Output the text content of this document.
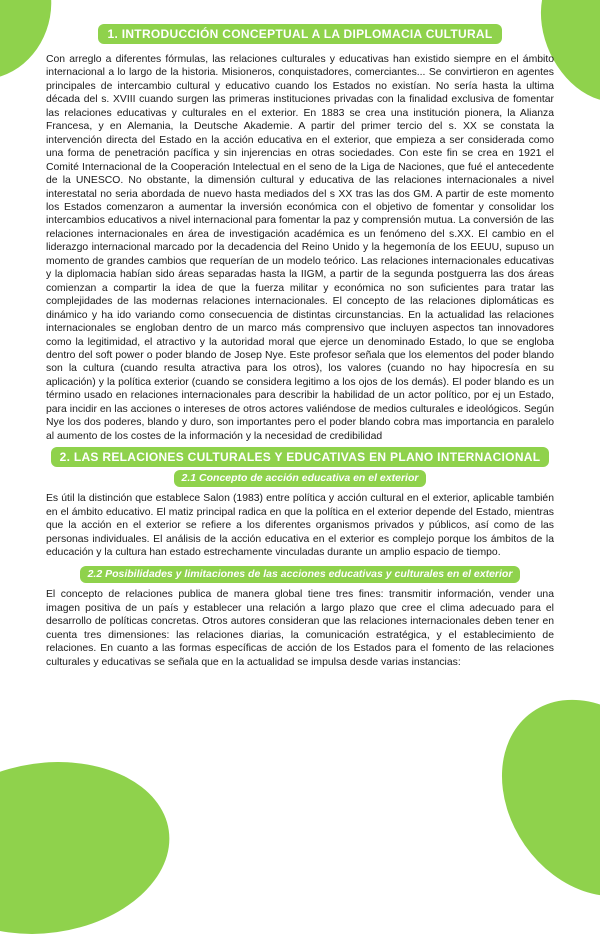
1. INTRODUCCIÓN CONCEPTUAL A LA DIPLOMACIA CULTURAL

Con arreglo a diferentes fórmulas, las relaciones culturales y educativas han existido siempre en el ámbito internacional a lo largo de la historia. Misioneros, conquistadores, comerciantes... Se convirtieron en agentes principales de intercambio cultural y educativo cuando los Estados no existían. No sería hasta la ultima década del s. XVIII cuando surgen las primeras instituciones privadas con la finalidad exclusiva de fomentar las relaciones educativas y culturales en el exterior. En 1883 se crea una institución pionera, la Alianza Francesa, y en Alemania, la Deutsche Akademie. A partir del primer tercio del s. XX se constata la intervención directa del Estado en la acción educativa en el exterior, que empieza a ser considerada como una forma de penetración pacífica y sin injerencias en otras sociedades. Con este fin se crea en 1921 el Comité Internacional de la Cooperación Intelectual en el seno de la Liga de Naciones, que fué el antecedente de la UNESCO. No obstante, la dimensión cultural y educativa de las relaciones internacionales a nivel interestatal no seria abordada de nuevo hasta mediados del s XX tras las dos GM. A partir de este momento los Estados comenzaron a aumentar la inversión económica con el objetivo de fomentar y consolidar los intercambios educativos a nivel internacional para fomentar la paz y comprensión mutua. La conversión de las relaciones internacionales en área de investigación académica es un fenómeno del s.XX. El cambio en el liderazgo internacional marcado por la decadencia del Reino Unido y la hegemonía de los EEUU, supuso un momento de grandes cambios que requerían de un modelo teórico. Las relaciones internacionales educativas y la diplomacia habían sido áreas separadas hasta la IIGM, a partir de la segunda postguerra las dos áreas comienzan a compartir la idea de que la fuerza militar y económica no son suficientes para tratar las complejidades de las modernas relaciones internacionales. El concepto de las relaciones diplomáticas es dinámico y ha ido variando como consecuencia de distintas circunstancias. En la actualidad las relaciones internacionales se engloban dentro de un marco más comprensivo que incluyen aspectos tan innovadores como la legitimidad, el atractivo y la autoridad moral que ejerce un denominado Estado, lo que se engloba dentro del soft power o poder blando de Josep Nye. Este profesor señala que los elementos del poder blando son la cultura (cuando resulta atractiva para los otros), los valores (cuando no hay hipocresía en su aplicación) y la política exterior (cuando se considera legitimo a los ojos de los demás). El poder blando es un término usado en relaciones internacionales para describir la habilidad de un actor político, por ej un Estado, para incidir en las acciones o intereses de otros actores valiéndose de medios culturales e ideológicos. Según Nye los dos poderes, blando y duro, son importantes pero el poder blando cobra mas importancia en paralelo al aumento de los costes de la información y la necesidad de credibilidad

2. LAS RELACIONES CULTURALES Y EDUCATIVAS EN PLANO INTERNACIONAL
2.1 Concepto de acción educativa en el exterior

Es útil la distinción que establece Salon (1983) entre política y acción cultural en el exterior, aplicable también en el ámbito educativo. El matiz principal radica en que la política en el exterior depende del Estado, mientras que la acción en el exterior se refiere a los diferentes organismos privados y públicos, así como de las personas individuales. El análisis de la acción educativa en el exterior es complejo porque los ámbitos de la educación y la cultura han estado estrechamente vinculadas durante un amplio espacio de tiempo.

2.2 Posibilidades y limitaciones de las acciones educativas y culturales en el exterior

El concepto de relaciones publica de manera global tiene tres fines: transmitir información, vender una imagen positiva de un país y establecer una relación a largo plazo que cree el clima adecuado para el desarrollo de políticas concretas. Otros autores consideran que las relaciones internacionales deben tener en cuenta tres dimensiones: las relaciones diarias, la comunicación estratégica, y el establecimiento de relaciones. En cuanto a las formas específicas de acción de los Estados para el fomento de las relaciones culturales y educativas se señala que en la actualidad se impulsa desde varias instancias:
